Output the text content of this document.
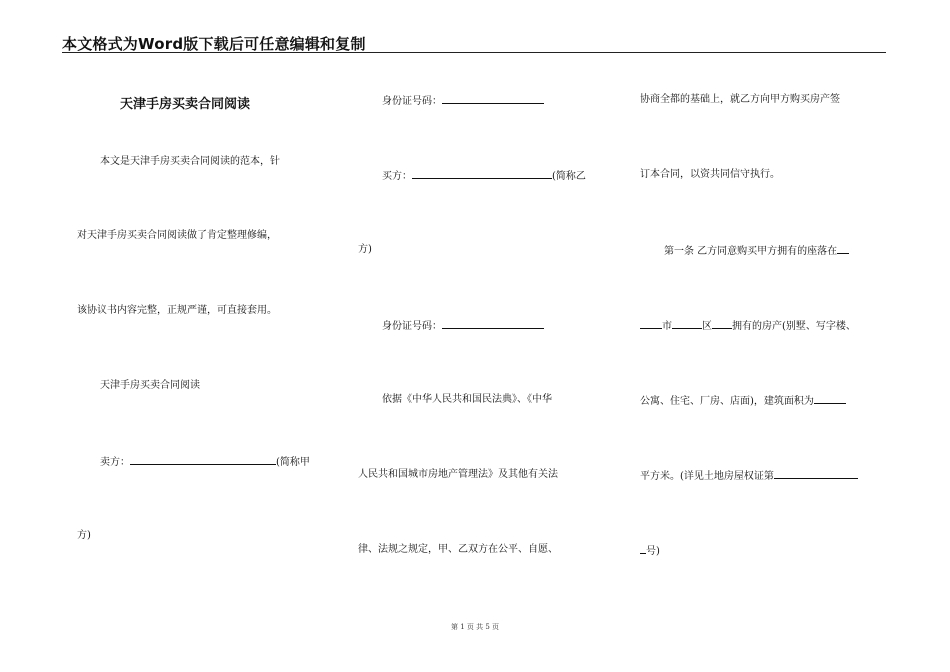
本文格式为Word版下载后可任意编辑和复制
天津手房买卖合同阅读
本文是天津手房买卖合同阅读的范本，针
对天津手房买卖合同阅读做了肯定整理修编，
该协议书内容完整，正规严谨，可直接套用。
天津手房买卖合同阅读
卖方：	(简称甲
方)
身份证号码：
买方：	(简称乙
方)
身份证号码：
依据《中华人民共和国民法典》、《中华
人民共和国城市房地产管理法》及其他有关法
律、法规之规定，甲、乙双方在公平、自愿、
协商全都的基础上，就乙方向甲方购买房产签
订本合同，以资共同信守执行。
第一条 乙方同意购买甲方拥有的座落在
市	区 拥有的房产(别墅、写字楼、
公寓、住宅、厂房、店面)，建筑面积为
平方米。(详见土地房屋权证第
号)
第 1 页 共 5 页
